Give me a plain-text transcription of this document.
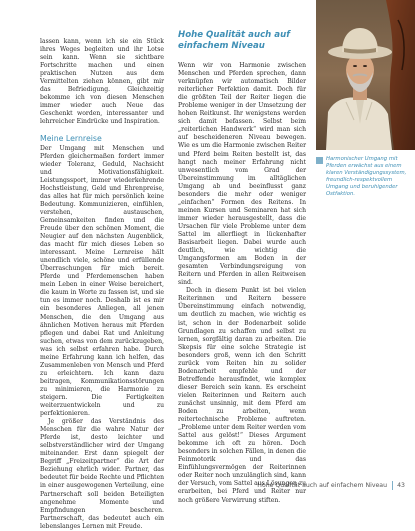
lassen kann, wenn ich sie ein Stück ihres Weges begleiten und ihr Lotse sein kann. Wenn sie sichtbare Fortschritte machen und einen praktischen Nutzen aus dem Vermittelten ziehen können, gibt mir das Befriedigung. Gleichzeitig bekomme ich von diesen Menschen immer wieder auch Neue das Geschenkt worden, interessanter und lehrreicher Eindrücke und Inspiration.

Meine Lernreise

Der Umgang mit Menschen und Pferden gleichermaßen fordert immer wieder Toleranz, Geduld, Nachsicht und Motivationsfähigkeit. Leistungssport, immer wiederkehrende Hochstleistung, Geld und Ehrenpreise, das alles hat für mich persönlich keine Bedeutung. Kommunizieren, einfühlen, verstehen, austauschen, Gemeinsamkeiten finden und die Freude über den schönen Moment, die Neugier auf den nächsten Augenblick, das macht für mich dieses Leben so interessant. Meine Lernreise hält unendlich viele, schöne und erfüllende Überraschungen für mich bereit. Pferde und Pferdemenschen haben mein Leben in einer Weise bereichert, die kaum in Worte zu fassen ist, und sie tun es immer noch. Deshalb ist es mir ein besonderes Anliegen, all jenen Menschen, die den Umgang aus ähnlichen Motiven heraus mit Pferden pflegen und dabei Rat und Anleitung suchen, etwas von dem zurückzugeben, was ich selbst erfahren habe. Durch meine Erfahrung kann ich helfen, das Zusammenleben von Mensch und Pferd zu erleichtern. Ich kann dazu beitragen, Kommunikationsstörungen zu minimieren, die Harmonie zu steigern. Die Fertigkeiten weiterzuentwickeln und zu perfektionieren.

Je größer das Verständnis des Menschen für die wahre Natur der Pferde ist, desto leichter und selbstverständlicher wird der Umgang miteinander. Erst dann spiegelt der Begriff „Freizeitpartner“ die Art der Beziehung ehrlich wider. Partner, das bedeutet für beide Rechte und Pflichten in einer ausgewogenen Verteilung, eine Partnerschaft soll beiden Beteiligten angenehme Momente und Empfindungen bescheren. Partnerschaft, das bedeutet auch ein lebenslanges Lernen mit Freude.

Hohe Qualität auch auf einfachem Niveau

Wenn wir von Harmonie zwischen Menschen und Pferden sprechen, dann verknüpfen wir automatisch Bilder reiterlicher Perfektion damit. Doch für die größten Teil der Reiter liegen die Probleme weniger in der Umsetzung der hohen Reitkunst. Ihr wenigstens werden sich damit befassen. Selbst beim „reiterlichen Handwerk“ wird man sich auf bescheideneren Niveau bewegen. Wie es um die Harmonie zwischen Reiter und Pferd beim Reiten bestellt ist, das hangt nach meiner Erfahrung nicht unwesentlich vom Grad der Übereinstimmung im alltäglichen Umgang ab und beeinflusst ganz besonders die mehr oder weniger „einfachen“ Formen des Reitens. In meinen Kursen und Seminaren hat sich immer wieder herausgestellt, dass die Ursachen für viele Probleme unter dem Sattel im allerfliegt in lückenhafter Basisarbeit liegen. Dabei wurde auch deutlich, wie wichtig die Umgangsformen am Boden in der gesamten Verbindungsreigung von Reitern und Pferden in allen Reitweisen sind.

Doch in diesem Punkt ist bei vielen Reiterinnen und Reitern bessere Übereinstimmung einfach notwendig, um deutlich zu machen, wie wichtig es ist, schon in der Bodenarbeit solide Grundlagen zu schaffen und selbst zu lernen, sorgfältig daran zu arbeiten. Die Skepsis für eine solche Strategie ist besonders groß, wenn ich den Schritt zurück vom Reiten hin zu solider Bodenarbeit empfehle und der Betreffende herausfindet, wie komplex dieser Bereich sein kann. Es erscheint vielen Reiterinnen und Reitern auch zunächst unsinnig, mit dem Pferd am Boden zu arbeiten, wenn reitertechnische Probleme auftreten. „Probleme unter dem Reiter werden vom Sattel aus gelöst!“ Dieses Argument bekomme ich oft zu hören. Doch besonders in solchen Fällen, in denen die Feinmotorik und das Einfühlungsvermögen der Reiterinnen oder Reiter noch unzulänglich sind, kann der Versuch, vom Sattel aus Lösungen zu erarbeiten, bei Pferd und Reiter nur noch größere Verwirrung stiften.

Harmonischer Umgang mit Pferden erwächst aus einem klaren Verständigungssystem, freundlich-respektvollem Umgang und beruhigender Ostfaktion.

Hohe Qualität auch auf einfachem Niveau 43
